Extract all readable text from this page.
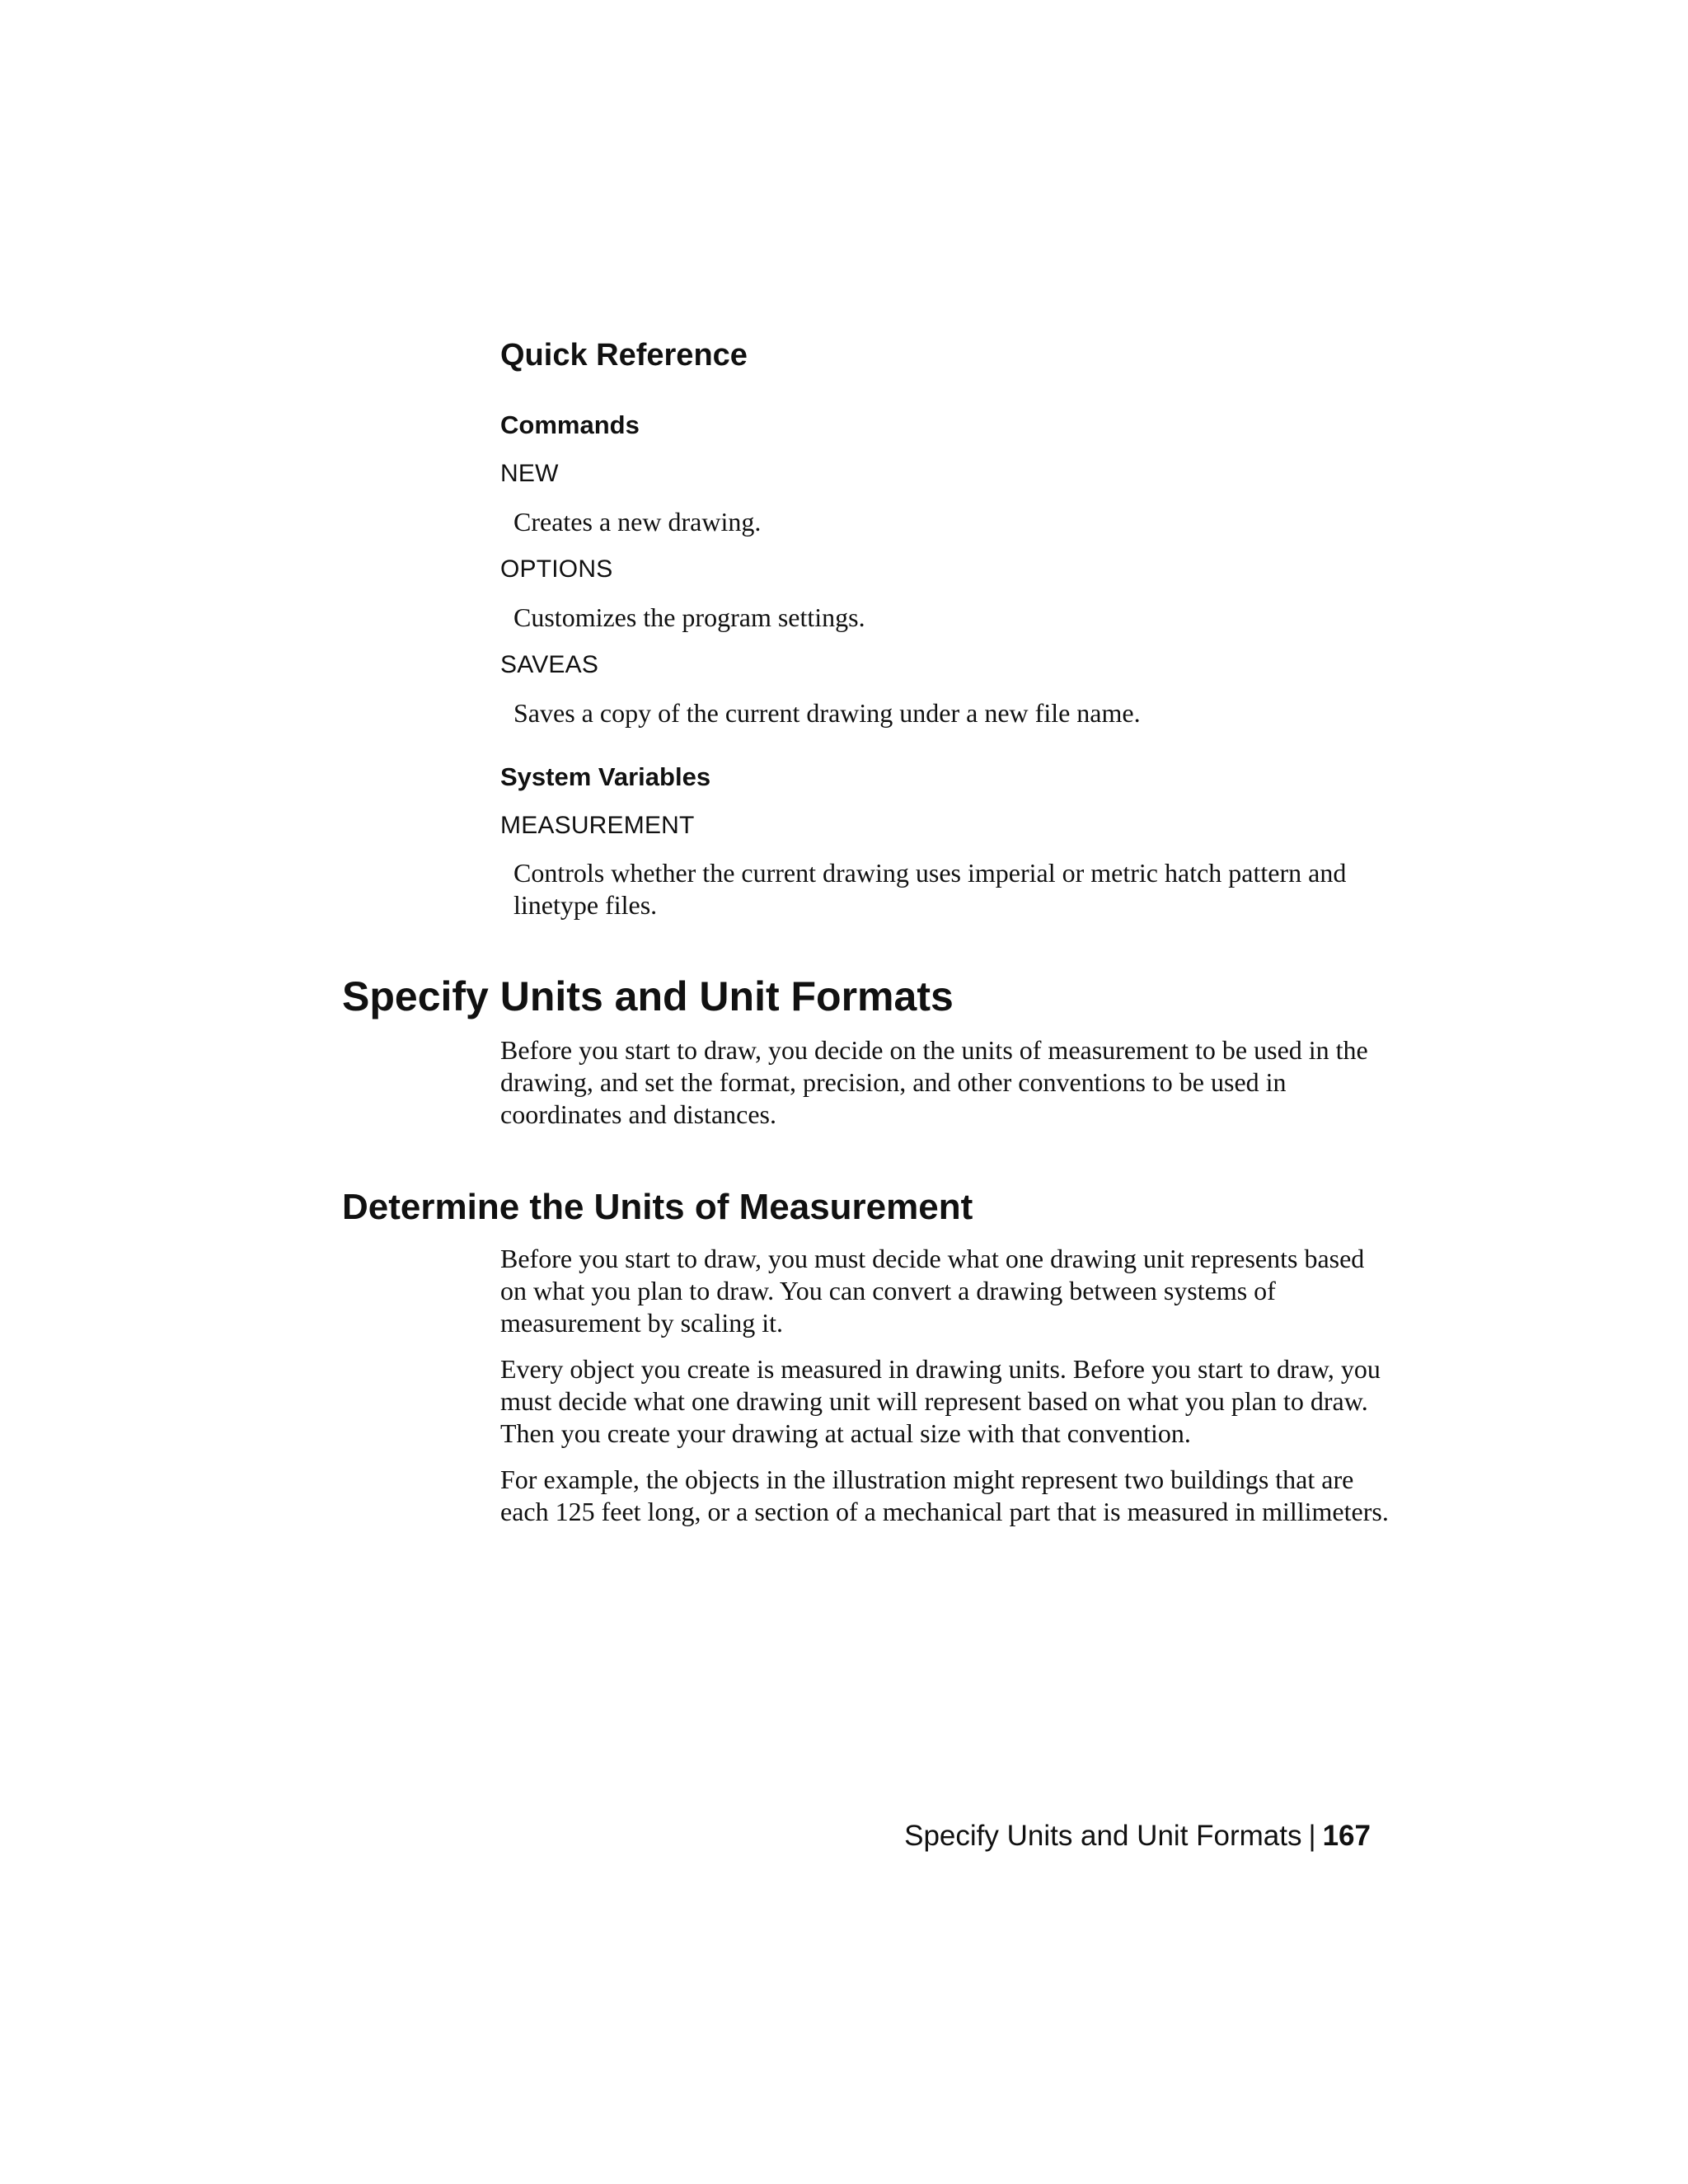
Quick Reference
Commands
NEW
Creates a new drawing.
OPTIONS
Customizes the program settings.
SAVEAS
Saves a copy of the current drawing under a new file name.
System Variables
MEASUREMENT
Controls whether the current drawing uses imperial or metric hatch pattern and linetype files.
Specify Units and Unit Formats

Before you start to draw, you decide on the units of measurement to be used in the drawing, and set the format, precision, and other conventions to be used in coordinates and distances.

Determine the Units of Measurement

Before you start to draw, you must decide what one drawing unit represents based on what you plan to draw. You can convert a drawing between systems of measurement by scaling it.

Every object you create is measured in drawing units. Before you start to draw, you must decide what one drawing unit will represent based on what you plan to draw. Then you create your drawing at actual size with that convention.

For example, the objects in the illustration might represent two buildings that are each 125 feet long, or a section of a mechanical part that is measured in millimeters.

Specify Units and Unit Formats | 167
